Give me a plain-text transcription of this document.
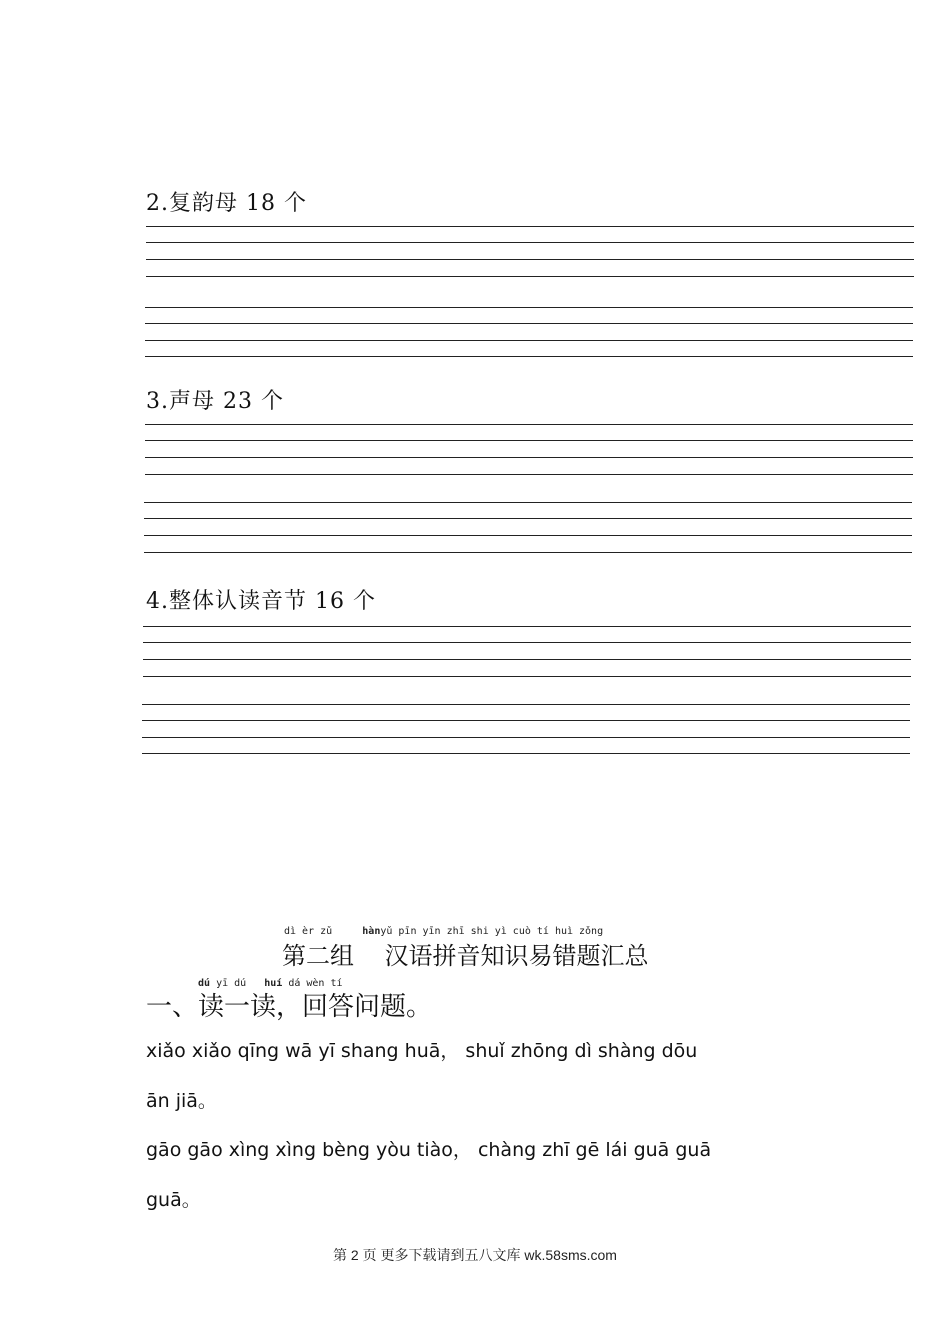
2.复韵母 18 个
3.声母 23 个
4.整体认读音节 16 个
dì èr zǔ	hànyǔ pīn yīn zhī shi yì cuò tí huì zǒng
第二组    汉语拼音知识易错题汇总
dú yī dú   huí dá wèn tí
一、读一读，回答问题。
xiǎo xiǎo qīng wā yī shang huā， shuǐ zhōng dì shàng dōu
ān jiā。
gāo gāo xìng xìng bèng yòu tiào， chàng zhī gē lái guā guā
guā。
第 2 页 更多下载请到五八文库 wk.58sms.com
